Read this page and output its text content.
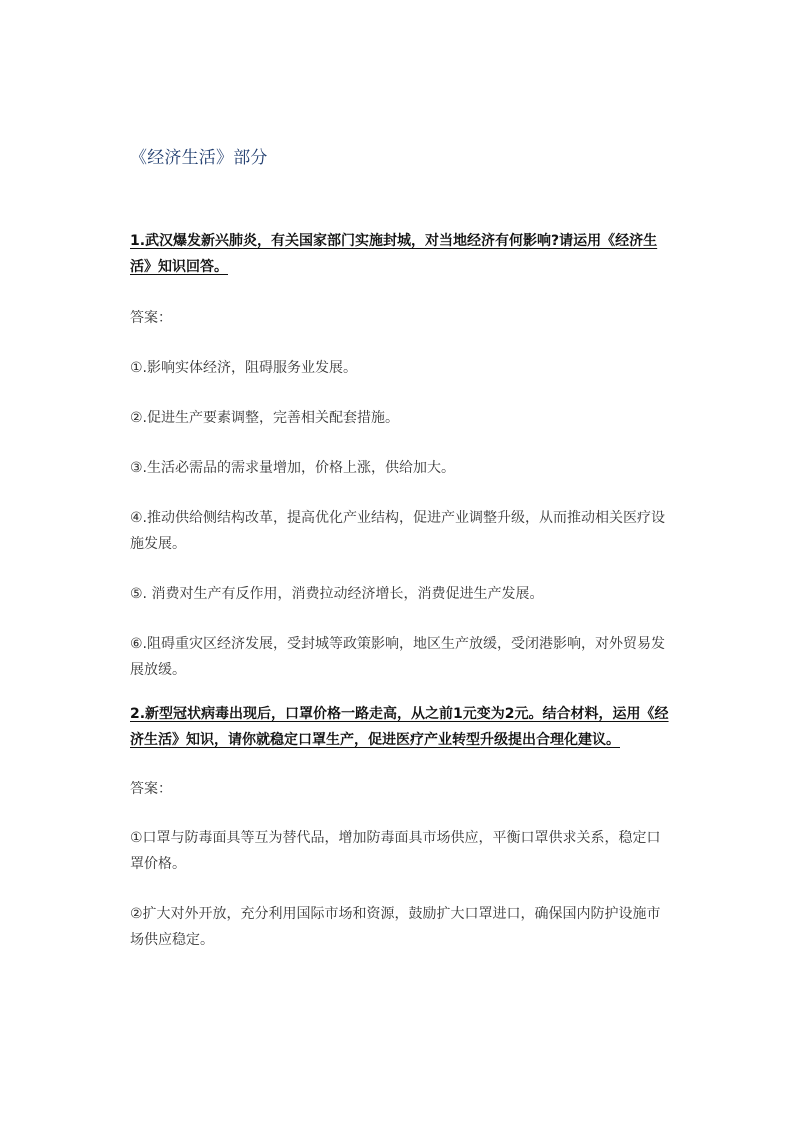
《经济生活》部分

1.武汉爆发新兴肺炎，有关国家部门实施封城，对当地经济有何影响?请运用《经济生活》知识回答。

答案：

①.影响实体经济，阻碍服务业发展。

②.促进生产要素调整，完善相关配套措施。

③.生活必需品的需求量增加，价格上涨，供给加大。

④.推动供给侧结构改革，提高优化产业结构，促进产业调整升级，从而推动相关医疗设施发展。

⑤. 消费对生产有反作用，消费拉动经济增长，消费促进生产发展。

⑥.阻碍重灾区经济发展，受封城等政策影响，地区生产放缓，受闭港影响，对外贸易发展放缓。

2.新型冠状病毒出现后，口罩价格一路走高，从之前1元变为2元。结合材料，运用《经济生活》知识，请你就稳定口罩生产，促进医疗产业转型升级提出合理化建议。

答案：

①口罩与防毒面具等互为替代品，增加防毒面具市场供应，平衡口罩供求关系，稳定口罩价格。

②扩大对外开放，充分利用国际市场和资源，鼓励扩大口罩进口，确保国内防护设施市场供应稳定。
